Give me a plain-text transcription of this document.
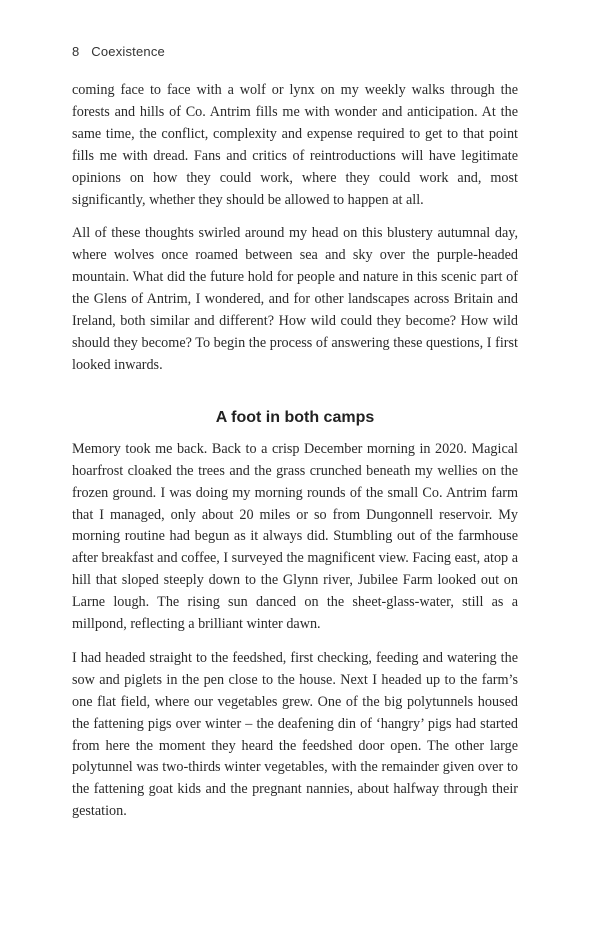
8 Coexistence

coming face to face with a wolf or lynx on my weekly walks through the forests and hills of Co. Antrim fills me with wonder and anticipation. At the same time, the conflict, complexity and expense required to get to that point fills me with dread. Fans and critics of reintroductions will have legitimate opinions on how they could work, where they could work and, most significantly, whether they should be allowed to happen at all.

All of these thoughts swirled around my head on this blustery autumnal day, where wolves once roamed between sea and sky over the purple-headed mountain. What did the future hold for people and nature in this scenic part of the Glens of Antrim, I wondered, and for other landscapes across Britain and Ireland, both similar and different? How wild could they become? How wild should they become? To begin the process of answering these questions, I first looked inwards.

A foot in both camps

Memory took me back. Back to a crisp December morning in 2020. Magical hoarfrost cloaked the trees and the grass crunched beneath my wellies on the frozen ground. I was doing my morning rounds of the small Co. Antrim farm that I managed, only about 20 miles or so from Dungonnell reservoir. My morning routine had begun as it always did. Stumbling out of the farmhouse after breakfast and coffee, I surveyed the magnificent view. Facing east, atop a hill that sloped steeply down to the Glynn river, Jubilee Farm looked out on Larne lough. The rising sun danced on the sheet-glass-water, still as a millpond, reflecting a brilliant winter dawn.

I had headed straight to the feedshed, first checking, feeding and watering the sow and piglets in the pen close to the house. Next I headed up to the farm’s one flat field, where our vegetables grew. One of the big polytunnels housed the fattening pigs over winter – the deafening din of ‘hangry’ pigs had started from here the moment they heard the feedshed door open. The other large polytunnel was two-thirds winter vegetables, with the remainder given over to the fattening goat kids and the pregnant nannies, about halfway through their gestation.
